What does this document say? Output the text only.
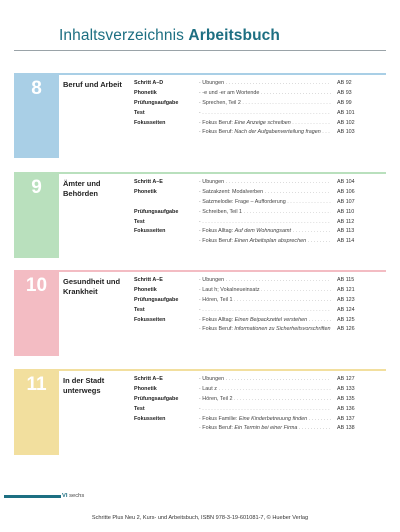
Inhaltsverzeichnis Arbeitsbuch
8	Beruf und Arbeit	Schritt A–D	· Übungen . . .	AB 92
Phonetik	· -e und -er am Wortende . . .	AB 93
Prüfungsaufgabe	· Sprechen, Teil 2 . . .	AB 99
Test	· . . .	AB 101
Fokusseiten	· Fokus Beruf: Eine Anzeige schreiben . . .	AB 102
· Fokus Beruf: Nach der Aufgabenverteilung fragen . . .	AB 103
9	Ämter und
Behörden
Schritt A–E	· Übungen . . .	AB 104
Phonetik	· Satzakzent: Modalverben . . .	AB 106
· Satzmelodie: Frage – Aufforderung . . .	AB 107
Prüfungsaufgabe	· Schreiben, Teil 1 . . .	AB 110
Test	· . . .	AB 112
Fokusseiten	· Fokus Alltag: Auf dem Wohnungsamt . . .	AB 113
· Fokus Beruf: Einen Arbeitsplan absprechen . . .	AB 114
10	Gesundheit und
Krankheit
Schritt A–E	· Übungen . . .	AB 115
Phonetik	· Laut h; Vokalneueinsatz . . .	AB 121
Prüfungsaufgabe	· Hören, Teil 1 . . .	AB 123
Test	· . . .	AB 124
Fokusseiten	· Fokus Alltag: Einen Beipackzettel verstehen . . .	AB 125
· Fokus Beruf: Informationen zu Sicherheitsvorschriften . . . AB 126
11	In der Stadt
unterwegs
Schritt A–E	· Übungen . . .	AB 127
Phonetik	· Laut z . . .	AB 133
Prüfungsaufgabe	· Hören, Teil 2 . . .	AB 135
Test	· . . .	AB 136
Fokusseiten	· Fokus Familie: Eine Kinderbetreuung finden . . .	AB 137
· Fokus Beruf: Ein Termin bei einer Firma . . .	AB 138
VI sechs
Schritte Plus Neu 2, Kurs- und Arbeitsbuch, ISBN 978-3-19-601081-7, © Hueber Verlag
